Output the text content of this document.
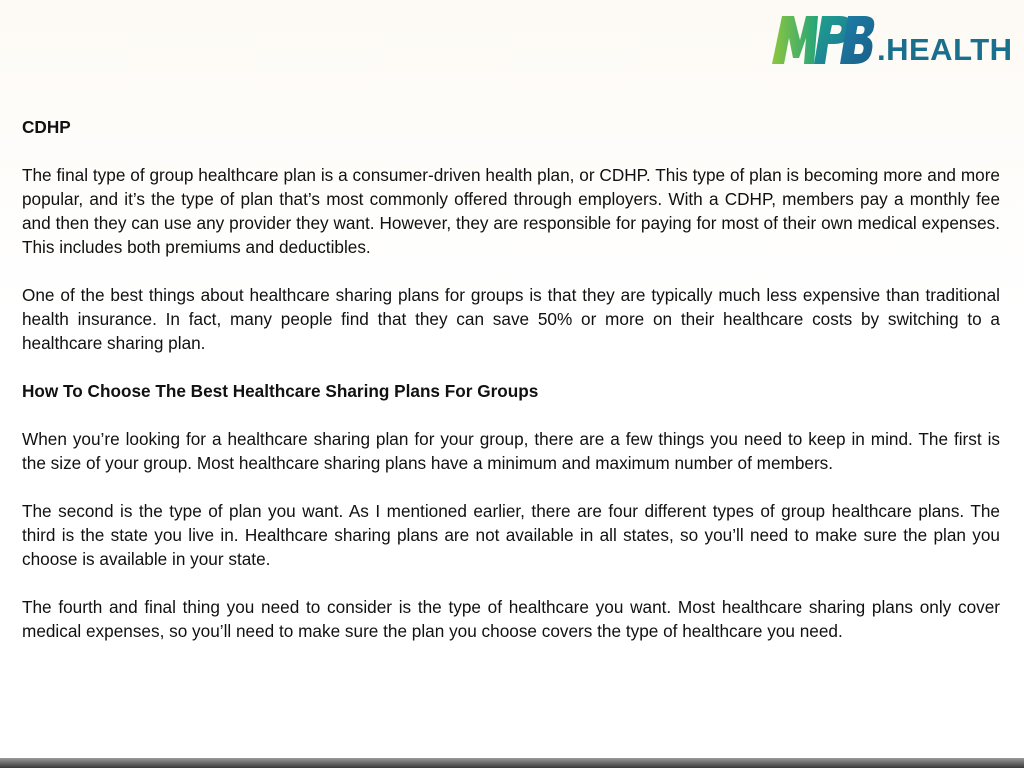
.HEALTH
CDHP

The final type of group healthcare plan is a consumer-driven health plan, or CDHP. This type of plan is becoming more and more popular, and it’s the type of plan that’s most commonly offered through employers. With a CDHP, members pay a monthly fee and then they can use any provider they want. However, they are responsible for paying for most of their own medical expenses. This includes both premiums and deductibles.

One of the best things about healthcare sharing plans for groups is that they are typically much less expensive than traditional health insurance. In fact, many people find that they can save 50% or more on their healthcare costs by switching to a healthcare sharing plan.

How To Choose The Best Healthcare Sharing Plans For Groups

When you’re looking for a healthcare sharing plan for your group, there are a few things you need to keep in mind. The first is the size of your group. Most healthcare sharing plans have a minimum and maximum number of members.

The second is the type of plan you want. As I mentioned earlier, there are four different types of group healthcare plans. The third is the state you live in. Healthcare sharing plans are not available in all states, so you’ll need to make sure the plan you choose is available in your state.

The fourth and final thing you need to consider is the type of healthcare you want. Most healthcare sharing plans only cover medical expenses, so you’ll need to make sure the plan you choose covers the type of healthcare you need.
